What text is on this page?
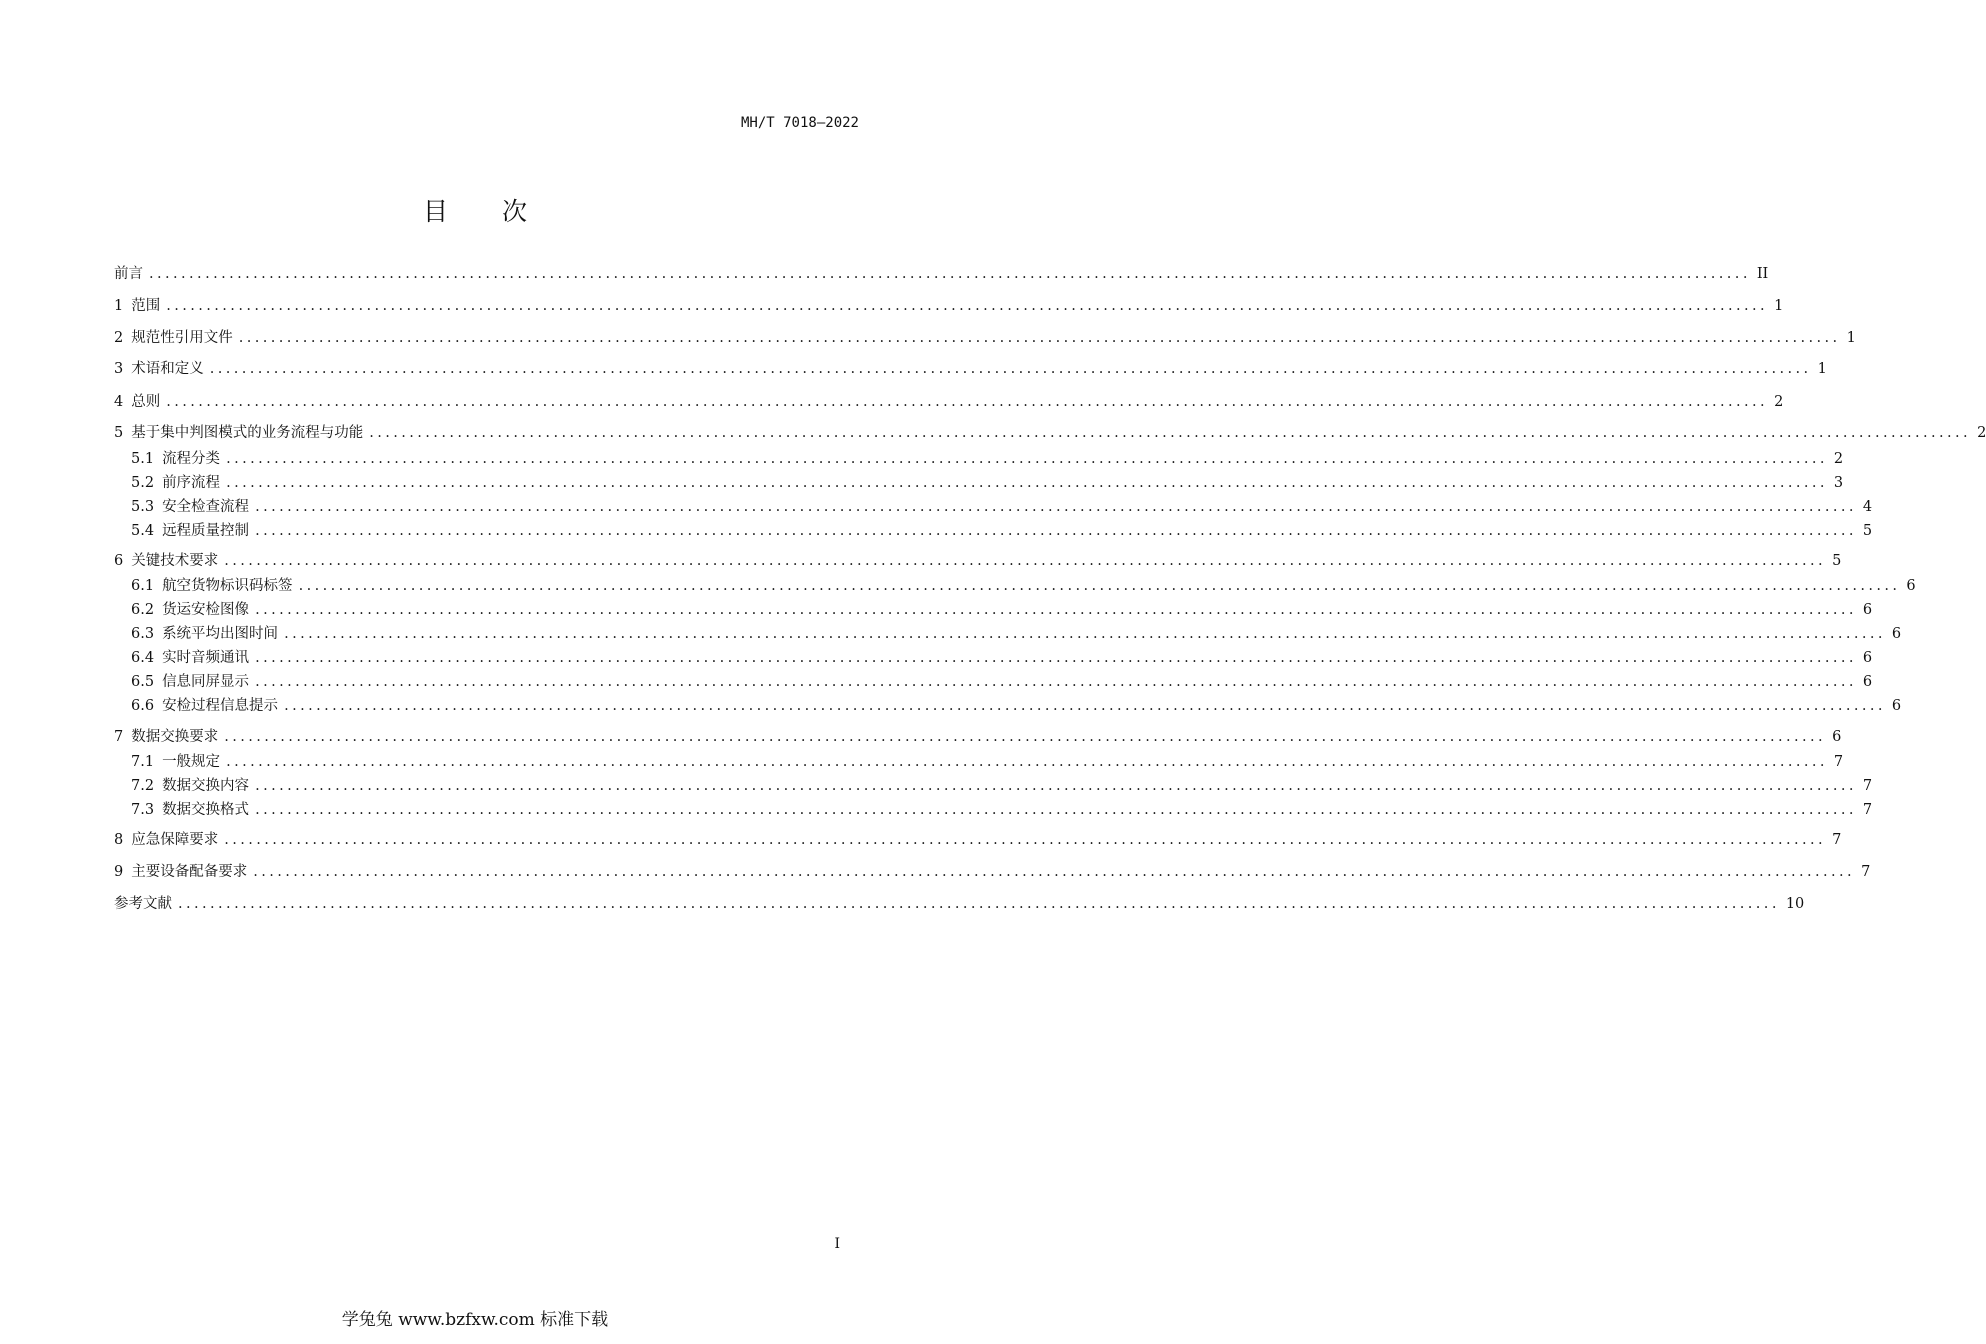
MH/T 7018—2022
目 次
前言 ........................................................................................................................................................................................................ II
1 范围 ........................................................................................................................................................................................................ 1
2 规范性引用文件 ........................................................................................................................................................................................................ 1
3 术语和定义 ........................................................................................................................................................................................................ 1
4 总则 ........................................................................................................................................................................................................ 2
5 基于集中判图模式的业务流程与功能 ........................................................................................................................................................................................................ 2
5.1 流程分类 ........................................................................................................................................................................................................ 2
5.2 前序流程 ........................................................................................................................................................................................................ 3
5.3 安全检查流程 ........................................................................................................................................................................................................ 4
5.4 远程质量控制 ........................................................................................................................................................................................................ 5
6 关键技术要求 ........................................................................................................................................................................................................ 5
6.1 航空货物标识码标签 ........................................................................................................................................................................................................ 6
6.2 货运安检图像 ........................................................................................................................................................................................................ 6
6.3 系统平均出图时间 ........................................................................................................................................................................................................ 6
6.4 实时音频通讯 ........................................................................................................................................................................................................ 6
6.5 信息同屏显示 ........................................................................................................................................................................................................ 6
6.6 安检过程信息提示 ........................................................................................................................................................................................................ 6
7 数据交换要求 ........................................................................................................................................................................................................ 6
7.1 一般规定 ........................................................................................................................................................................................................ 7
7.2 数据交换内容 ........................................................................................................................................................................................................ 7
7.3 数据交换格式 ........................................................................................................................................................................................................ 7
8 应急保障要求 ........................................................................................................................................................................................................ 7
9 主要设备配备要求 ........................................................................................................................................................................................................ 7
参考文献 ........................................................................................................................................................................................................ 10
I
学兔兔 www.bzfxw.com 标准下载
